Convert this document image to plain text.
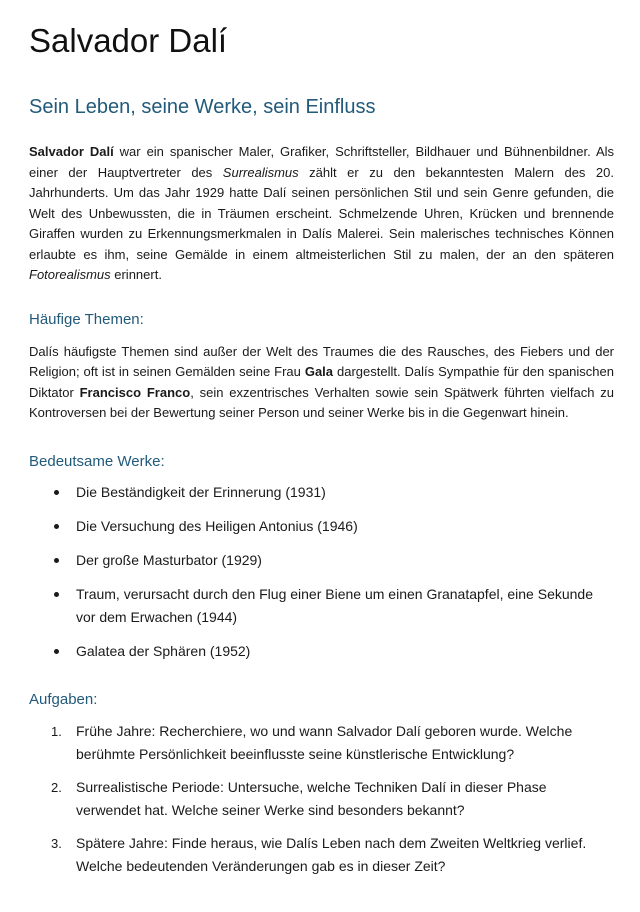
Salvador Dalí
Sein Leben, seine Werke, sein Einfluss

Salvador Dalí war ein spanischer Maler, Grafiker, Schriftsteller, Bildhauer und Bühnenbildner. Als einer der Hauptvertreter des Surrealismus zählt er zu den bekanntesten Malern des 20. Jahrhunderts. Um das Jahr 1929 hatte Dalí seinen persönlichen Stil und sein Genre gefunden, die Welt des Unbewussten, die in Träumen erscheint. Schmelzende Uhren, Krücken und brennende Giraffen wurden zu Erkennungsmerkmalen in Dalís Malerei. Sein malerisches technisches Können erlaubte es ihm, seine Gemälde in einem altmeisterlichen Stil zu malen, der an den späteren Fotorealismus erinnert.

Häufige Themen:

Dalís häufigste Themen sind außer der Welt des Traumes die des Rausches, des Fiebers und der Religion; oft ist in seinen Gemälden seine Frau Gala dargestellt. Dalís Sympathie für den spanischen Diktator Francisco Franco, sein exzentrisches Verhalten sowie sein Spätwerk führten vielfach zu Kontroversen bei der Bewertung seiner Person und seiner Werke bis in die Gegenwart hinein.

Bedeutsame Werke:
Die Beständigkeit der Erinnerung (1931)
Die Versuchung des Heiligen Antonius (1946)
Der große Masturbator (1929)
Traum, verursacht durch den Flug einer Biene um einen Granatapfel, eine Sekunde vor dem Erwachen (1944)
Galatea der Sphären (1952)
Aufgaben:
1. Frühe Jahre: Recherchiere, wo und wann Salvador Dalí geboren wurde. Welche berühmte Persönlichkeit beeinflusste seine künstlerische Entwicklung?
2. Surrealistische Periode: Untersuche, welche Techniken Dalí in dieser Phase verwendet hat. Welche seiner Werke sind besonders bekannt?
3. Spätere Jahre: Finde heraus, wie Dalís Leben nach dem Zweiten Weltkrieg verlief. Welche bedeutenden Veränderungen gab es in dieser Zeit?
